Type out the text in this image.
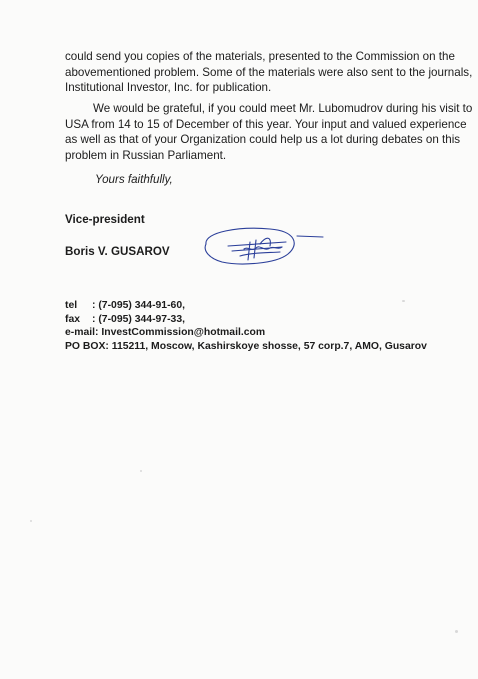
could send you copies of the materials, presented to the Commission on the
abovementioned problem. Some of the materials were also sent to the journals,
Institutional Investor, Inc. for publication.

We would be grateful, if you could meet Mr. Lubomudrov during his visit to
USA from 14 to 15 of December of this year. Your input and valued experience
as well as that of your Organization could help us a lot during debates on this
problem in Russian Parliament.

Yours faithfully,

Vice-president

Boris V. GUSAROV

tel : (7-095) 344-91-60,
fax : (7-095) 344-97-33,
e-mail: InvestCommission@hotmail.com
PO BOX: 115211, Moscow, Kashirskoye shosse, 57 corp.7, AMO, Gusarov
